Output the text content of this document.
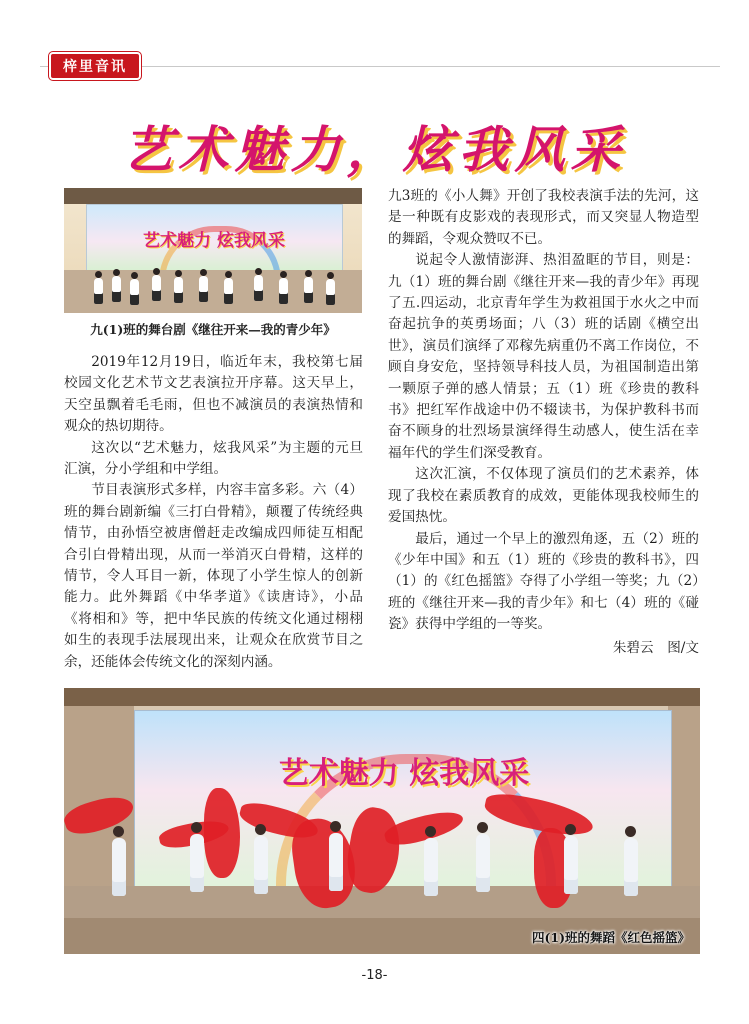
梓里音讯
艺术魅力，炫我风采
艺术魅力 炫我风采
九(1)班的舞台剧《继往开来—我的青少年》

2019年12月19日，临近年末，我校第七届校园文化艺术节文艺表演拉开序幕。这天早上，天空虽飘着毛毛雨，但也不减演员的表演热情和观众的热切期待。

这次以“艺术魅力，炫我风采”为主题的元旦汇演，分小学组和中学组。

节目表演形式多样，内容丰富多彩。六（4）班的舞台剧新编《三打白骨精》，颠覆了传统经典情节，由孙悟空被唐僧赶走改编成四师徒互相配合引白骨精出现，从而一举消灭白骨精，这样的情节，令人耳目一新，体现了小学生惊人的创新能力。此外舞蹈《中华孝道》《读唐诗》，小品《将相和》等，把中华民族的传统文化通过栩栩如生的表现手法展现出来，让观众在欣赏节目之余，还能体会传统文化的深刻内涵。

九3班的《小人舞》开创了我校表演手法的先河，这是一种既有皮影戏的表现形式，而又突显人物造型的舞蹈，令观众赞叹不已。

说起令人激情澎湃、热泪盈眶的节目，则是：九（1）班的舞台剧《继往开来—我的青少年》再现了五.四运动，北京青年学生为救祖国于水火之中而奋起抗争的英勇场面；八（3）班的话剧《横空出世》，演员们演绎了邓稼先病重仍不离工作岗位，不顾自身安危，坚持领导科技人员，为祖国制造出第一颗原子弹的感人情景；五（1）班《珍贵的教科书》把红军作战途中仍不辍读书，为保护教科书而奋不顾身的壮烈场景演绎得生动感人，使生活在幸福年代的学生们深受教育。

这次汇演，不仅体现了演员们的艺术素养，体现了我校在素质教育的成效，更能体现我校师生的爱国热忱。

最后，通过一个早上的激烈角逐，五（2）班的《少年中国》和五（1）班的《珍贵的教科书》，四（1）的《红色摇篮》夺得了小学组一等奖；九（2）班的《继往开来—我的青少年》和七（4）班的《碰瓷》获得中学组的一等奖。

朱碧云　图/文
艺术魅力 炫我风采
四(1)班的舞蹈《红色摇篮》
-18-
